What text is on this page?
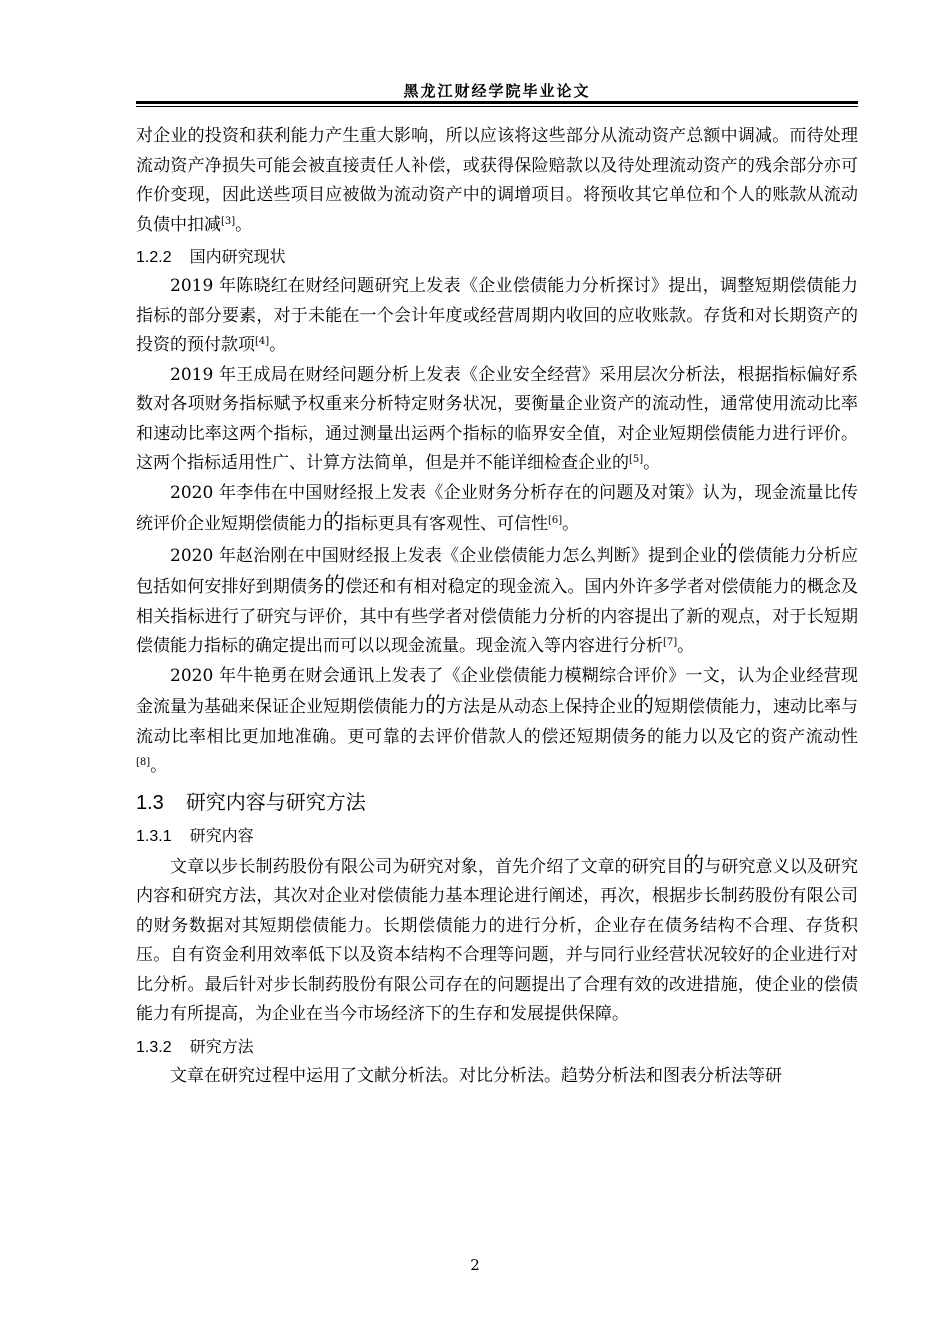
黑龙江财经学院毕业论文

对企业的投资和获利能力产生重大影响，所以应该将这些部分从流动资产总额中调减。而待处理流动资产净损失可能会被直接责任人补偿，或获得保险赔款以及待处理流动资产的残余部分亦可作价变现，因此送些项目应被做为流动资产中的调增项目。将预收其它单位和个人的账款从流动负债中扣减[3]。

1.2.2 国内研究现状

2019 年陈晓红在财经问题研究上发表《企业偿债能力分析探讨》提出，调整短期偿债能力指标的部分要素，对于未能在一个会计年度或经营周期内收回的应收账款。存货和对长期资产的投资的预付款项[4]。

2019 年王成局在财经问题分析上发表《企业安全经营》采用层次分析法，根据指标偏好系数对各项财务指标赋予权重来分析特定财务状况，要衡量企业资产的流动性，通常使用流动比率和速动比率这两个指标，通过测量出运两个指标的临界安全值，对企业短期偿债能力进行评价。这两个指标适用性广、计算方法简单，但是并不能详细检查企业的[5]。

2020 年李伟在中国财经报上发表《企业财务分析存在的问题及对策》认为，现金流量比传统评价企业短期偿债能力的指标更具有客观性、可信性[6]。

2020 年赵治刚在中国财经报上发表《企业偿债能力怎么判断》提到企业的偿债能力分析应包括如何安排好到期债务的偿还和有相对稳定的现金流入。国内外许多学者对偿债能力的概念及相关指标进行了研究与评价，其中有些学者对偿债能力分析的内容提出了新的观点，对于长短期偿债能力指标的确定提出而可以以现金流量。现金流入等内容进行分析[7]。

2020 年牛艳勇在财会通讯上发表了《企业偿债能力模糊综合评价》一文，认为企业经营现金流量为基础来保证企业短期偿债能力的方法是从动态上保持企业的短期偿债能力，速动比率与流动比率相比更加地准确。更可靠的去评价借款人的偿还短期债务的能力以及它的资产流动性[8]。

1.3 研究内容与研究方法
1.3.1 研究内容

文章以步长制药股份有限公司为研究对象，首先介绍了文章的研究目的与研究意义以及研究内容和研究方法，其次对企业对偿债能力基本理论进行阐述，再次，根据步长制药股份有限公司的财务数据对其短期偿债能力。长期偿债能力的进行分析，企业存在债务结构不合理、存货积压。自有资金利用效率低下以及资本结构不合理等问题，并与同行业经营状况较好的企业进行对比分析。最后针对步长制药股份有限公司存在的问题提出了合理有效的改进措施，使企业的偿债能力有所提高，为企业在当今市场经济下的生存和发展提供保障。

1.3.2 研究方法

文章在研究过程中运用了文献分析法。对比分析法。趋势分析法和图表分析法等研

2
